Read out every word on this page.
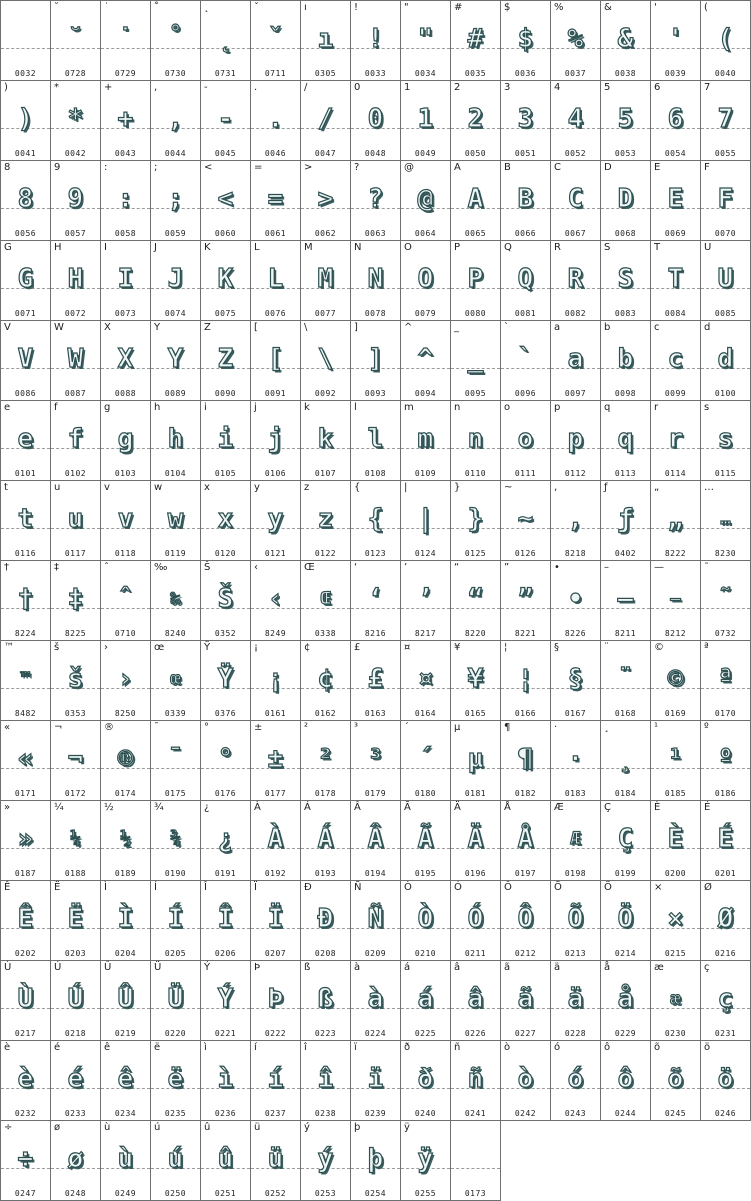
0032
˘
˘
0728
˙
˙
0729
˚
˚
0730
˛
˛
0731
ˇ
ˇ
0711
ı
ı
0305
!
!
0033
"
"
0034
#
#
0035
$
$
0036
%
%
0037
&
&
0038
'
'
0039
(
(
0040
)
)
0041
*
*
0042
+
+
0043
,
,
0044
-
-
0045
.
.
0046
/
/
0047
0
0
0048
1
1
0049
2
2
0050
3
3
0051
4
4
0052
5
5
0053
6
6
0054
7
7
0055
8
8
0056
9
9
0057
:
:
0058
;
;
0059
<
<
0060
=
=
0061
>
>
0062
?
?
0063
@
@
0064
A
A
0065
B
B
0066
C
C
0067
D
D
0068
E
E
0069
F
F
0070
G
G
0071
H
H
0072
I
I
0073
J
J
0074
K
K
0075
L
L
0076
M
M
0077
N
N
0078
O
O
0079
P
P
0080
Q
Q
0081
R
R
0082
S
S
0083
T
T
0084
U
U
0085
V
V
0086
W
W
0087
X
X
0088
Y
Y
0089
Z
Z
0090
[
[
0091
\
\
0092
]
]
0093
^
^
0094
_
_
0095
`
`
0096
a
a
0097
b
b
0098
c
c
0099
d
d
0100
e
e
0101
f
f
0102
g
g
0103
h
h
0104
i
i
0105
j
j
0106
k
k
0107
l
l
0108
m
m
0109
n
n
0110
o
o
0111
p
p
0112
q
q
0113
r
r
0114
s
s
0115
t
t
0116
u
u
0117
v
v
0118
w
w
0119
x
x
0120
y
y
0121
z
z
0122
{
{
0123
|
|
0124
}
}
0125
~
~
0126
‚
‚
8218
ƒ
ƒ
0402
„
„
8222
…
…
8230
†
†
8224
‡
‡
8225
ˆ
ˆ
0710
‰
‰
8240
Š
Š
0352
‹
‹
8249
Œ
Œ
0338
‘
‘
8216
’
’
8217
“
“
8220
”
”
8221
•
•
8226
–
–
8211
—
—
8212
˜
˜
0732
™
™
8482
š
š
0353
›
›
8250
œ
œ
0339
Ÿ
Ÿ
0376
¡
¡
0161
¢
¢
0162
£
£
0163
¤
¤
0164
¥
¥
0165
¦
¦
0166
§
§
0167
¨
¨
0168
©
©
0169
ª
ª
0170
«
«
0171
¬
¬
0172
®
®
0174
¯
¯
0175
°
°
0176
±
±
0177
²
²
0178
³
³
0179
´
´
0180
µ
µ
0181
¶
¶
0182
·
·
0183
¸
¸
0184
¹
¹
0185
º
º
0186
»
»
0187
¼
¼
0188
½
½
0189
¾
¾
0190
¿
¿
0191
À
À
0192
Á
Á
0193
Â
Â
0194
Ã
Ã
0195
Ä
Ä
0196
Å
Å
0197
Æ
Æ
0198
Ç
Ç
0199
È
È
0200
É
É
0201
Ê
Ê
0202
Ë
Ë
0203
Ì
Ì
0204
Í
Í
0205
Î
Î
0206
Ï
Ï
0207
Ð
Ð
0208
Ñ
Ñ
0209
Ò
Ò
0210
Ó
Ó
0211
Ô
Ô
0212
Õ
Õ
0213
Ö
Ö
0214
×
×
0215
Ø
Ø
0216
Ù
Ù
0217
Ú
Ú
0218
Û
Û
0219
Ü
Ü
0220
Ý
Ý
0221
Þ
Þ
0222
ß
ß
0223
à
à
0224
á
á
0225
â
â
0226
ã
ã
0227
ä
ä
0228
å
å
0229
æ
æ
0230
ç
ç
0231
è
è
0232
é
é
0233
ê
ê
0234
ë
ë
0235
ì
ì
0236
í
í
0237
î
î
0238
ï
ï
0239
ð
ð
0240
ñ
ñ
0241
ò
ò
0242
ó
ó
0243
ô
ô
0244
õ
õ
0245
ö
ö
0246
÷
÷
0247
ø
ø
0248
ù
ù
0249
ú
ú
0250
û
û
0251
ü
ü
0252
ý
ý
0253
þ
þ
0254
ÿ
ÿ
0255	0173
